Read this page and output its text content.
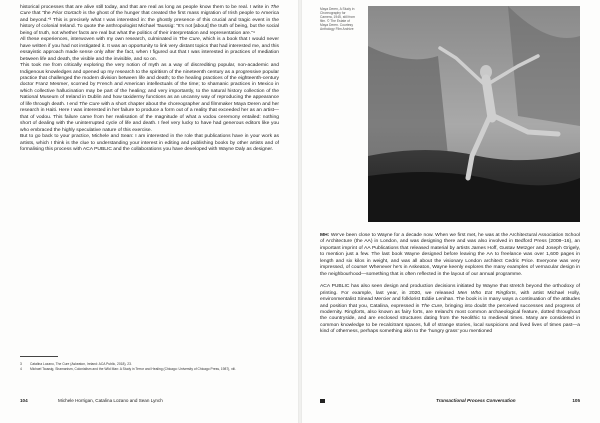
historical processes that are alive still today, and that are real as long as people know them to be real. I write in The Cure that “the Féar Gortach is the ghost of the hunger that created the first mass migration of Irish people to America and beyond.”³ This is precisely what I was interested in: the ghostly presence of this crucial and tragic event in the history of colonial Ireland. To quote the anthropologist Michael Taussig: “It’s not [about] the truth of being, but the social being of truth, not whether facts are real but what the politics of their interpretation and representation are.”⁴

All these experiences, interwoven with my own research, culminated in The Cure, which is a book that I would never have written if you had not instigated it. It was an opportunity to link very distant topics that had interested me, and this essayistic approach made sense only after the fact, when I figured out that I was interested in practices of mediation between life and death, the visible and the invisible, and so on.

This took me from critically exploring the very notion of myth as a way of discrediting popular, non-academic and Indigenous knowledges and opened up my research to the spiritism of the nineteenth century as a progressive popular practice that challenged the modern division between life and death; to the healing practices of the eighteenth-century doctor Franz Mesmer, scorned by French and American intellectuals of the time; to shamanic practices in Mexico in which collective hallucination may be part of the healing; and very importantly, to the natural history collection of the National Museum of Ireland in Dublin and how taxidermy functions as an uncanny way of reproducing the appearance of life through death. I end The Cure with a short chapter about the choreographer and filmmaker Maya Deren and her research in Haiti. Here I was interested in her failure to produce a form out of a reality that exceeded her as an artist—that of vodou. This failure came from her realisation of the magnitude of what a vodou ceremony entailed: nothing short of dealing with the uninterrupted cycle of life and death. I feel very lucky to have had generous editors like you who embraced the highly speculative nature of this exercise.

But to go back to your practice, Michele and Sean: I am interested in the role that publications have in your work as artists, which I think is the clue to understanding your interest in editing and publishing books by other artists and of formalising this process with ACA PUBLIC and the collaborations you have developed with Wayne Daly as designer.

3	Catalina Lozano, The Cure (Askeaton, Ireland: ACA Public, 2018), 23.
4	Michael Taussig, Shamanism, Colonialism and the Wild Man: A Study in Terror and Healing (Chicago: University of Chicago Press, 1987), xiii.
104	Michele Horrigan, Catalina Lozano and Sean Lynch
Maya Deren, A Study in Choreography for Camera, 1945, still from film. © The Estate of Maya Deren. Courtesy Anthology Film Archive

MH: We’ve been close to Wayne for a decade now. When we first met, he was at the Architectural Association School of Architecture (the AA) in London, and was designing there and was also involved in Bedford Press (2008–16), an important imprint of AA Publications that released material by artists James Hoff, Gustav Metzger and Joseph Grigely, to mention just a few. The last book Wayne designed before leaving the AA to freelance was over 1,600 pages in length and six kilos in weight, and was all about the visionary London architect Cedric Price. Everyone was very impressed, of course! Whenever he’s in Askeaton, Wayne keenly explores the many examples of vernacular design in the neighbourhood—something that is often reflected in the layout of our annual programme.

ACA PUBLIC has also seen design and production decisions initiated by Wayne that stretch beyond the orthodoxy of printing. For example, last year, in 2020, we released Men Who Eat Ringforts, with artist Michael Holly, environmentalist Sinead Mercier and folklorist Eddie Lenihan. The book is in many ways a continuation of the attitudes and position that you, Catalina, expressed in The Cure, bringing into doubt the perceived successes and progress of modernity. Ringforts, also known as fairy forts, are Ireland’s most common archaeological feature, dotted throughout the countryside, and are enclosed structures dating from the Neolithic to medieval times. Many are considered in common knowledge to be recalcitrant spaces, full of strange stories, local suspicions and lived lives of times past—a kind of otherness, perhaps something akin to the ‘hungry grass’ you mentioned

Transactional Process Conversation	105
